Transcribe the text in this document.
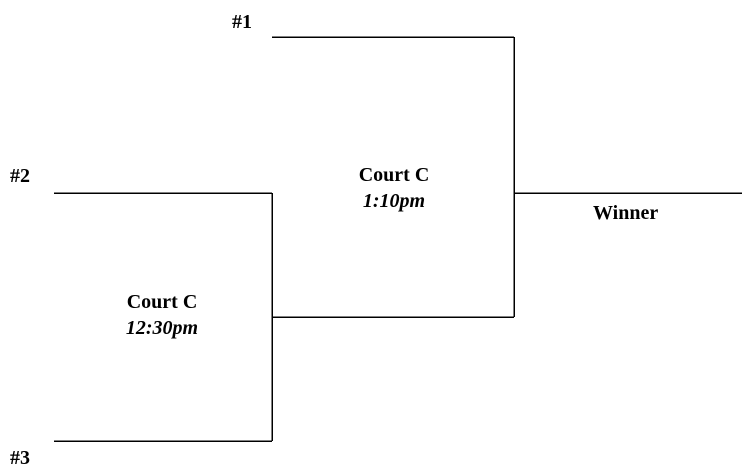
#1
#2
#3
Court C
1:10pm
Court C
12:30pm
Winner
